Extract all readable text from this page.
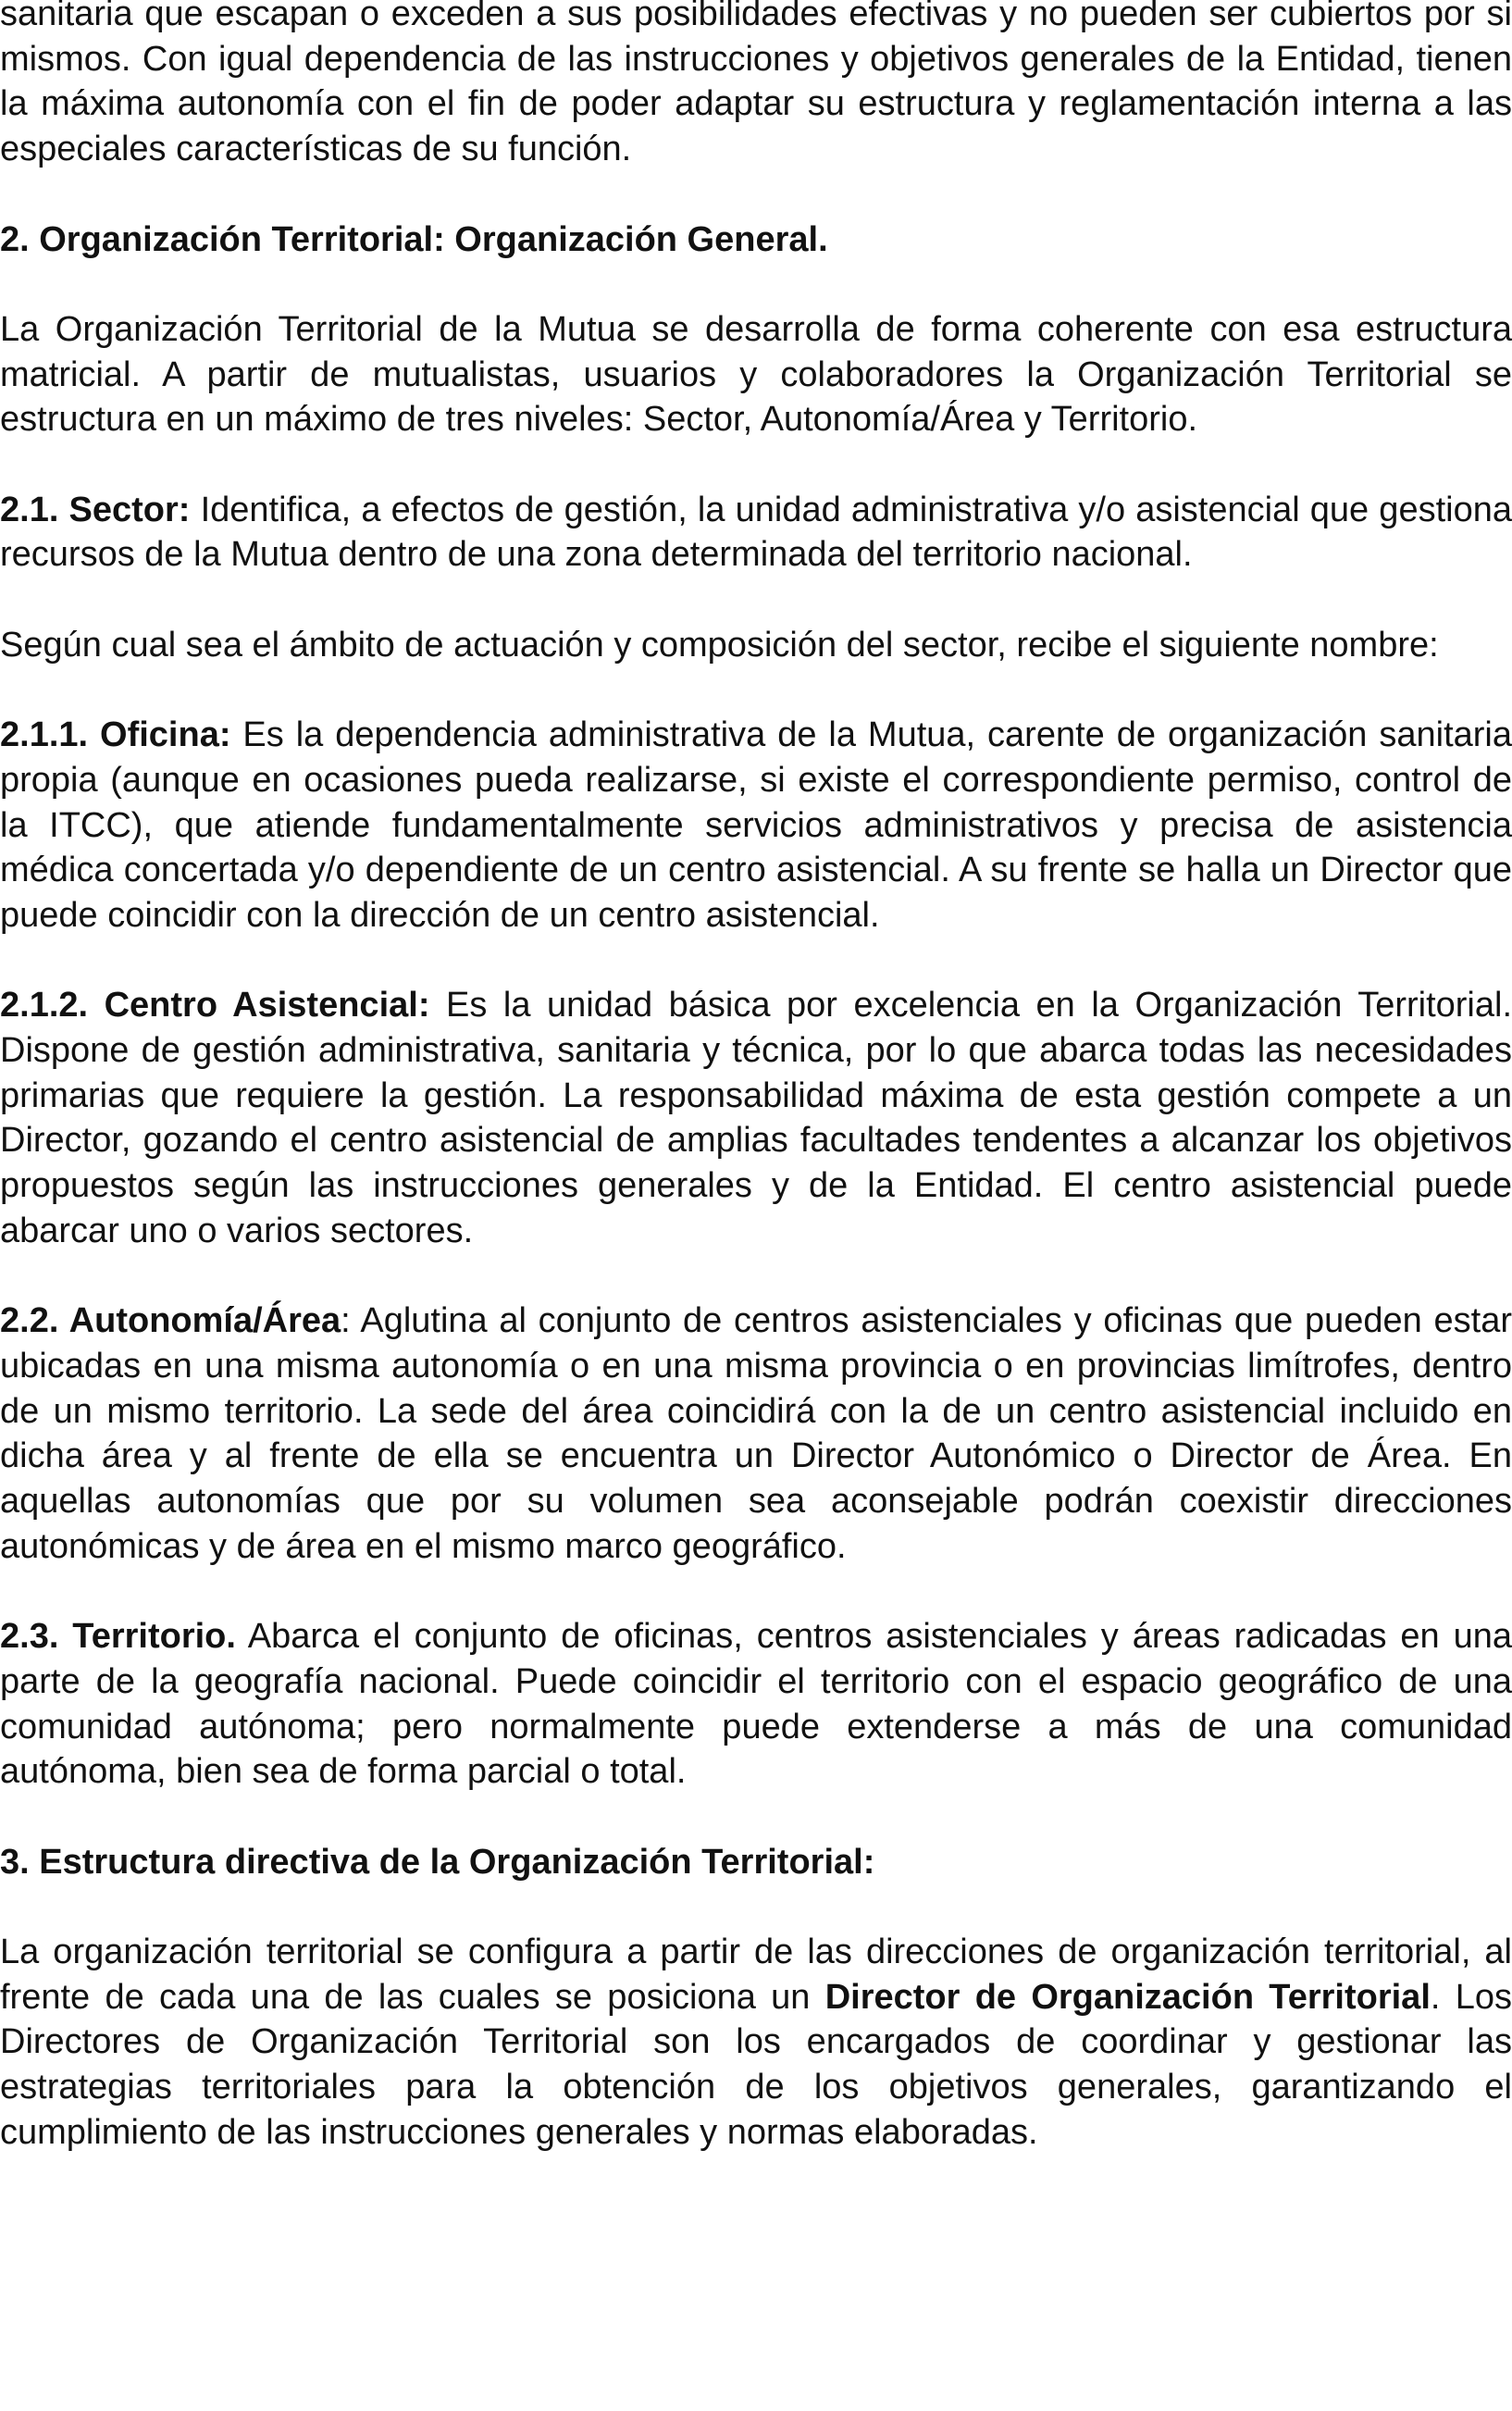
sanitaria que escapan o exceden a sus posibilidades efectivas y no pueden ser cubiertos por si mismos. Con igual dependencia de las instrucciones y objetivos generales de la Entidad, tienen la máxima autonomía con el fin de poder adaptar su estructura y reglamentación interna a las especiales características de su función.

2. Organización Territorial: Organización General.

La Organización Territorial de la Mutua se desarrolla de forma coherente con esa estructura matricial. A partir de mutualistas, usuarios y colaboradores la Organización Territorial se estructura en un máximo de tres niveles: Sector, Autonomía/Área y Territorio.

2.1. Sector: Identifica, a efectos de gestión, la unidad administrativa y/o asistencial que gestiona recursos de la Mutua dentro de una zona determinada del territorio nacional.

Según cual sea el ámbito de actuación y composición del sector, recibe el siguiente nombre:

2.1.1. Oficina: Es la dependencia administrativa de la Mutua, carente de organización sanitaria propia (aunque en ocasiones pueda realizarse, si existe el correspondiente permiso, control de la ITCC), que atiende fundamentalmente servicios administrativos y precisa de asistencia médica concertada y/o dependiente de un centro asistencial. A su frente se halla un Director que puede coincidir con la dirección de un centro asistencial.

2.1.2. Centro Asistencial: Es la unidad básica por excelencia en la Organización Territorial. Dispone de gestión administrativa, sanitaria y técnica, por lo que abarca todas las necesidades primarias que requiere la gestión. La responsabilidad máxima de esta gestión compete a un Director, gozando el centro asistencial de amplias facultades tendentes a alcanzar los objetivos propuestos según las instrucciones generales y de la Entidad. El centro asistencial puede abarcar uno o varios sectores.

2.2. Autonomía/Área: Aglutina al conjunto de centros asistenciales y oficinas que pueden estar ubicadas en una misma autonomía o en una misma provincia o en provincias limítrofes, dentro de un mismo territorio. La sede del área coincidirá con la de un centro asistencial incluido en dicha área y al frente de ella se encuentra un Director Autonómico o Director de Área. En aquellas autonomías que por su volumen sea aconsejable podrán coexistir direcciones autonómicas y de área en el mismo marco geográfico.

2.3. Territorio. Abarca el conjunto de oficinas, centros asistenciales y áreas radicadas en una parte de la geografía nacional. Puede coincidir el territorio con el espacio geográfico de una comunidad autónoma; pero normalmente puede extenderse a más de una comunidad autónoma, bien sea de forma parcial o total.

3. Estructura directiva de la Organización Territorial:

La organización territorial se configura a partir de las direcciones de organización territorial, al frente de cada una de las cuales se posiciona un Director de Organización Territorial. Los Directores de Organización Territorial son los encargados de coordinar y gestionar las estrategias territoriales para la obtención de los objetivos generales, garantizando el cumplimiento de las instrucciones generales y normas elaboradas.
